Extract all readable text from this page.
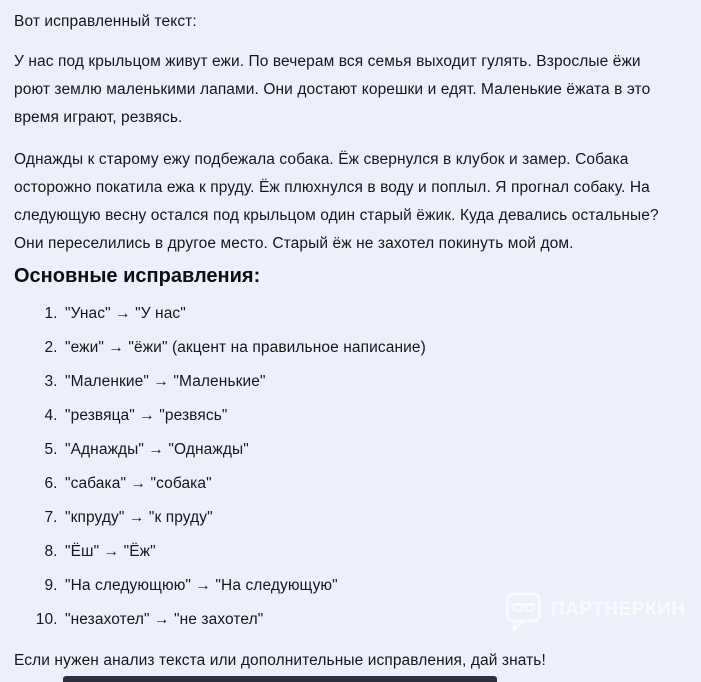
Вот исправленный текст:

У нас под крыльцом живут ежи. По вечерам вся семья выходит гулять. Взрослые ёжи роют землю маленькими лапами. Они достают корешки и едят. Маленькие ёжата в это время играют, резвясь.

Однажды к старому ежу подбежала собака. Ёж свернулся в клубок и замер. Собака осторожно покатила ежа к пруду. Ёж плюхнулся в воду и поплыл. Я прогнал собаку. На следующую весну остался под крыльцом один старый ёжик. Куда девались остальные? Они переселились в другое место. Старый ёж не захотел покинуть мой дом.

Основные исправления:
1. "Унас" → "У нас"
2. "ежи" → "ёжи" (акцент на правильное написание)
3. "Маленкие" → "Маленькие"
4. "резвяца" → "резвясь"
5. "Аднажды" → "Однажды"
6. "сабака" → "собака"
7. "кпруду" → "к пруду"
8. "Ёш" → "Ёж"
9. "На следующюю" → "На следующую"
10. "незахотел" → "не захотел"

Если нужен анализ текста или дополнительные исправления, дай знать!

ПАРТНЕРКИН
